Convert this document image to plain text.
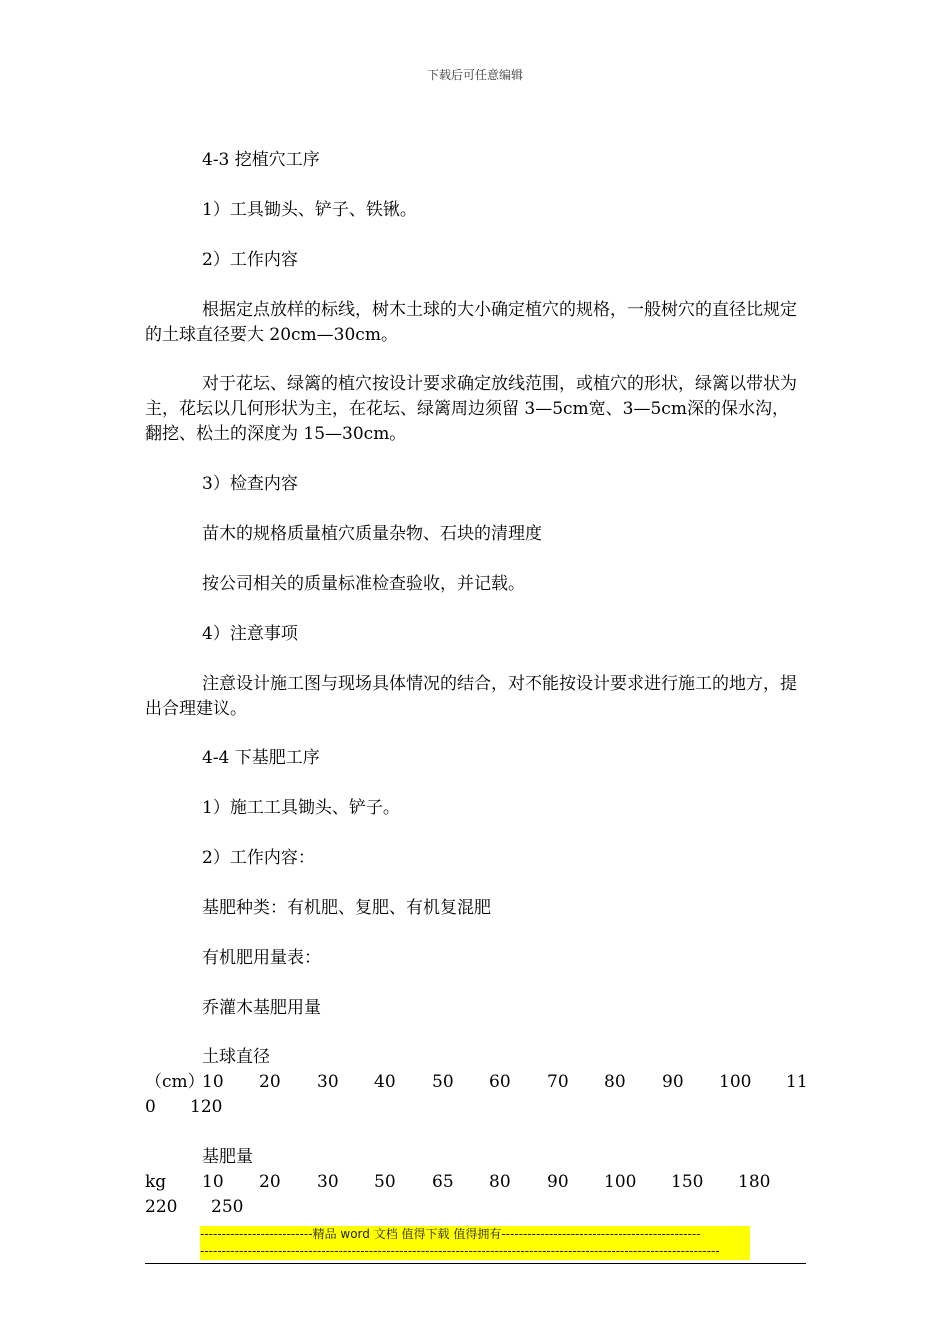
下载后可任意编辑
4-3 挖植穴工序
1）工具锄头、铲子、铁锹。
2）工作内容
根据定点放样的标线，树木土球的大小确定植穴的规格，一般树穴的直径比规定的土球直径要大 20cm—30cm。
对于花坛、绿篱的植穴按设计要求确定放线范围，或植穴的形状，绿篱以带状为主，花坛以几何形状为主，在花坛、绿篱周边须留 3—5cm宽、3—5cm深的保水沟，翻挖、松土的深度为 15—30cm。
3）检查内容
苗木的规格质量植穴质量杂物、石块的清理度
按公司相关的质量标准检查验收，并记载。
4）注意事项
注意设计施工图与现场具体情况的结合，对不能按设计要求进行施工的地方，提出合理建议。
4-4 下基肥工序
1）施工工具锄头、铲子。
2）工作内容：
基肥种类：有机肥、复肥、有机复混肥
有机肥用量表：
乔灌木基肥用量
土球直径
（cm）
10 20 30 40 50 60 70 80 90 100 11
0 120
基肥量
kg 10 20 30 50 65 80 90 100 150 180
220 250
--------------------------精品 word 文档 值得下载 值得拥有----------------------------------------------
------------------------------------------------------------------------------------------------------------------------
